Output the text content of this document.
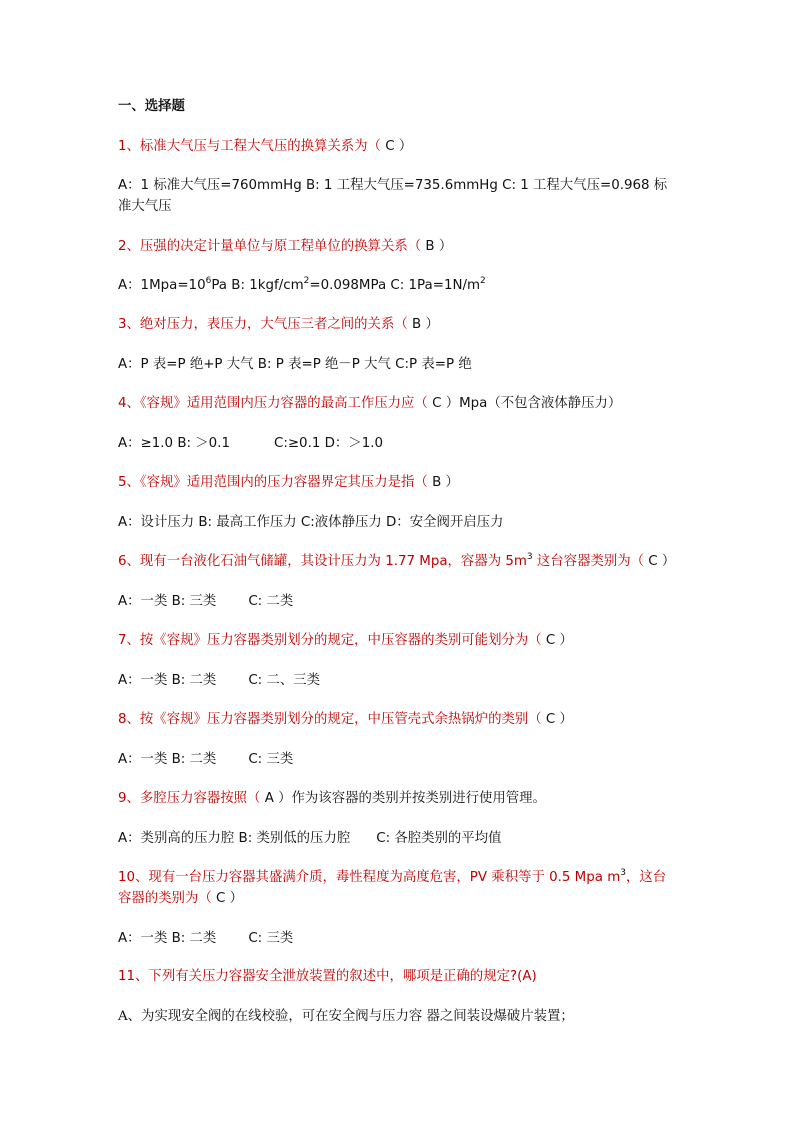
一、选择题
1、标准大气压与工程大气压的换算关系为（ C ）
A：1 标准大气压=760mmHg B: 1 工程大气压=735.6mmHg C: 1 工程大气压=0.968 标准大气压
2、压强的决定计量单位与原工程单位的换算关系（ B ）
A：$1Mpa=10^6Pa$ B: $1kgf/cm^2=0.098MPa$ C: $1Pa=1N/m^2$
3、绝对压力，表压力，大气压三者之间的关系（ B ）
A：P 表=P 绝+P 大气 B: P 表=P 绝－P 大气 C:P 表=P 绝
4、《容规》适用范围内压力容器的最高工作压力应（ C ）Mpa（不包含液体静压力）
A：≥1.0 B: ＞0.1	C:≥0.1 D：＞1.0
5、《容规》适用范围内的压力容器界定其压力是指（ B ）
A：设计压力 B: 最高工作压力 C:液体静压力 D：安全阀开启压力
6、现有一台液化石油气储罐，其设计压力为 1.77 Mpa，容器为 $5m^3$ 这台容器类别为（ C ）
A：一类 B: 三类 C: 二类
7、按《容规》压力容器类别划分的规定，中压容器的类别可能划分为（ C ）
A：一类 B: 二类 C: 二、三类
8、按《容规》压力容器类别划分的规定，中压管壳式余热锅炉的类别（ C ）
A：一类 B: 二类 C: 三类
9、多腔压力容器按照（ A ）作为该容器的类别并按类别进行使用管理。
A：类别高的压力腔 B: 类别低的压力腔 C: 各腔类别的平均值
10、现有一台压力容器其盛满介质，毒性程度为高度危害，PV 乘积等于 0.5 Mpa $m^3$，这台容器的类别为（ C ）
A：一类 B: 二类 C: 三类
11、下列有关压力容器安全泄放装置的叙述中，哪项是正确的规定?(A)
A、为实现安全阀的在线校验，可在安全阀与压力容 器之间装设爆破片装置；
